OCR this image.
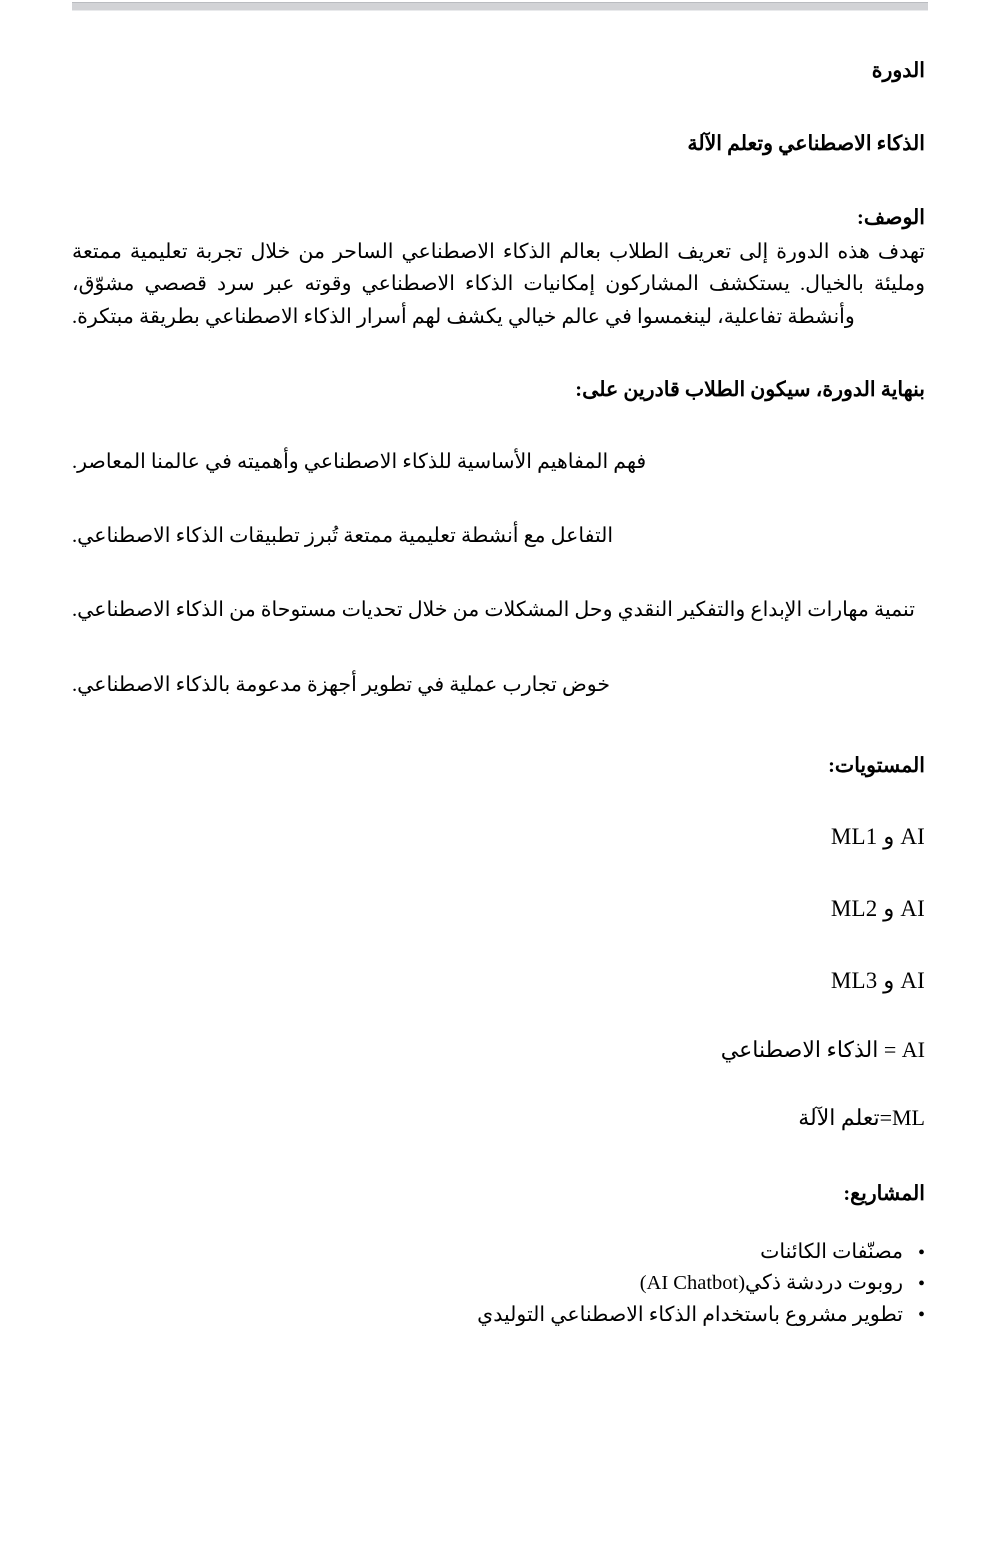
الدورة

الذكاء الاصطناعي وتعلم الآلة

الوصف:

تهدف هذه الدورة إلى تعريف الطلاب بعالم الذكاء الاصطناعي الساحر من خلال تجربة تعليمية ممتعة ومليئة بالخيال. يستكشف المشاركون إمكانيات الذكاء الاصطناعي وقوته عبر سرد قصصي مشوّق، وأنشطة تفاعلية، لينغمسوا في عالم خيالي يكشف لهم أسرار الذكاء الاصطناعي بطريقة مبتكرة.

بنهاية الدورة، سيكون الطلاب قادرين على:

فهم المفاهيم الأساسية للذكاء الاصطناعي وأهميته في عالمنا المعاصر.

التفاعل مع أنشطة تعليمية ممتعة تُبرز تطبيقات الذكاء الاصطناعي.

تنمية مهارات الإبداع والتفكير النقدي وحل المشكلات من خلال تحديات مستوحاة من الذكاء الاصطناعي.

خوض تجارب عملية في تطوير أجهزة مدعومة بالذكاء الاصطناعي.

المستويات:

AI و ML1

AI و ML2

AI و ML3

AI = الذكاء الاصطناعي

ML=تعلم الآلة

المشاريع:

•
مصنّفات الكائنات
•
روبوت دردشة ذكي(AI Chatbot)
•
تطوير مشروع باستخدام الذكاء الاصطناعي التوليدي
